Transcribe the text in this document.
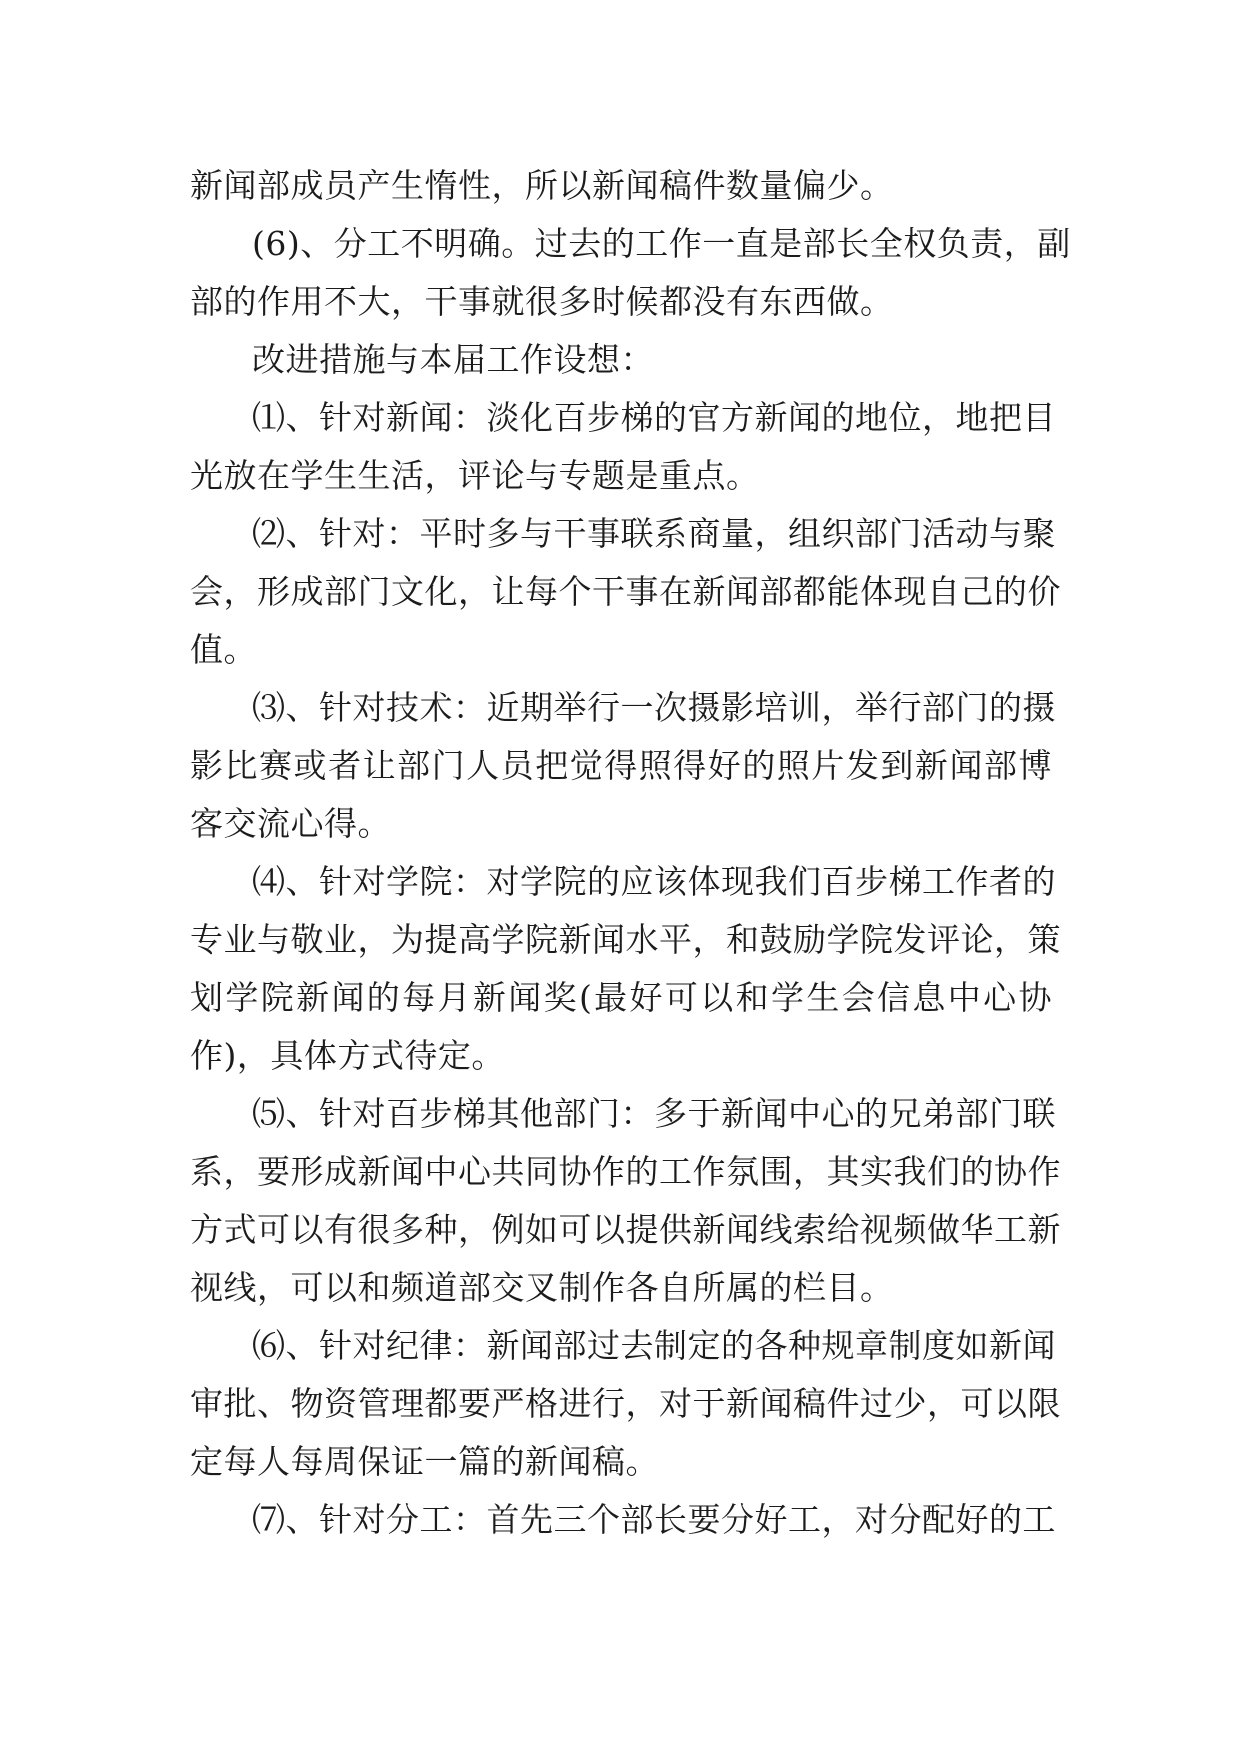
新闻部成员产生惰性，所以新闻稿件数量偏少。
(6)、分工不明确。过去的工作一直是部长全权负责，副
部的作用不大，干事就很多时候都没有东西做。
改进措施与本届工作设想：
⑴、针对新闻：淡化百步梯的官方新闻的地位，地把目
光放在学生生活，评论与专题是重点。
⑵、针对：平时多与干事联系商量，组织部门活动与聚
会，形成部门文化，让每个干事在新闻部都能体现自己的价
值。
⑶、针对技术：近期举行一次摄影培训，举行部门的摄
影比赛或者让部门人员把觉得照得好的照片发到新闻部博
客交流心得。
⑷、针对学院：对学院的应该体现我们百步梯工作者的
专业与敬业，为提高学院新闻水平，和鼓励学院发评论，策
划学院新闻的每月新闻奖(最好可以和学生会信息中心协
作)，具体方式待定。
⑸、针对百步梯其他部门：多于新闻中心的兄弟部门联
系，要形成新闻中心共同协作的工作氛围，其实我们的协作
方式可以有很多种，例如可以提供新闻线索给视频做华工新
视线，可以和频道部交叉制作各自所属的栏目。
⑹、针对纪律：新闻部过去制定的各种规章制度如新闻
审批、物资管理都要严格进行，对于新闻稿件过少，可以限
定每人每周保证一篇的新闻稿。
⑺、针对分工：首先三个部长要分好工，对分配好的工
